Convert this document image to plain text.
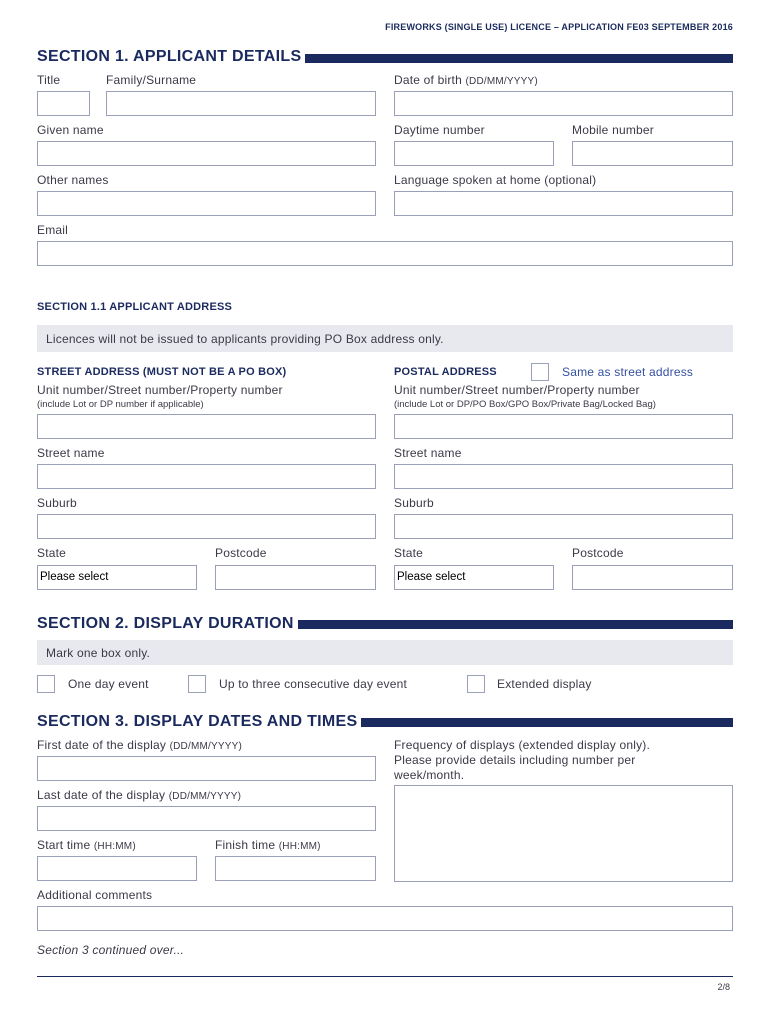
FIREWORKS (SINGLE USE) LICENCE – APPLICATION FE03 SEPTEMBER 2016
SECTION 1. APPLICANT DETAILS
Title	Family/Surname	Date of birth (DD/MM/YYYY)
Given name	Daytime number	Mobile number
Other names	Language spoken at home (optional)
Email
SECTION 1.1 APPLICANT ADDRESS
Licences will not be issued to applicants providing PO Box address only.
STREET ADDRESS (MUST NOT BE A PO BOX)	POSTAL ADDRESS	Same as street address
Unit number/Street number/Property number
(include Lot or DP number if applicable)
Unit number/Street number/Property number
(include Lot or DP/PO Box/GPO Box/Private Bag/Locked Bag)
Street name	Street name
Suburb	Suburb
State	Postcode	State	Postcode
Please select	Please select
SECTION 2. DISPLAY DURATION
Mark one box only.
One day event	Up to three consecutive day event	Extended display
SECTION 3. DISPLAY DATES AND TIMES
First date of the display (DD/MM/YYYY)	Frequency of displays (extended display only).
Please provide details including number per
week/month.
Last date of the display (DD/MM/YYYY)
Start time (HH:MM)	Finish time (HH:MM)
Additional comments
Section 3 continued over...
2/8
